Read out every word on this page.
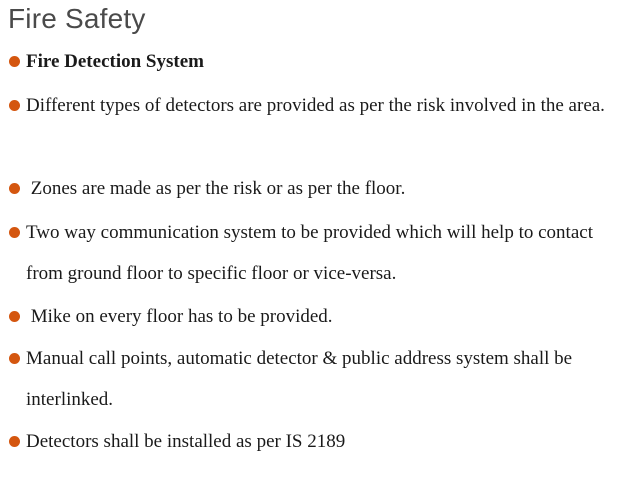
Fire Safety
Fire Detection System
Different types of detectors are provided as per the risk involved in the area.
Zones are made as per the risk or as per the floor.
Two way communication system to be provided which will help to contact from ground floor to specific floor or vice-versa.
Mike on every floor has to be provided.
Manual call points, automatic detector & public address system shall be interlinked.
Detectors shall be installed as per IS 2189
